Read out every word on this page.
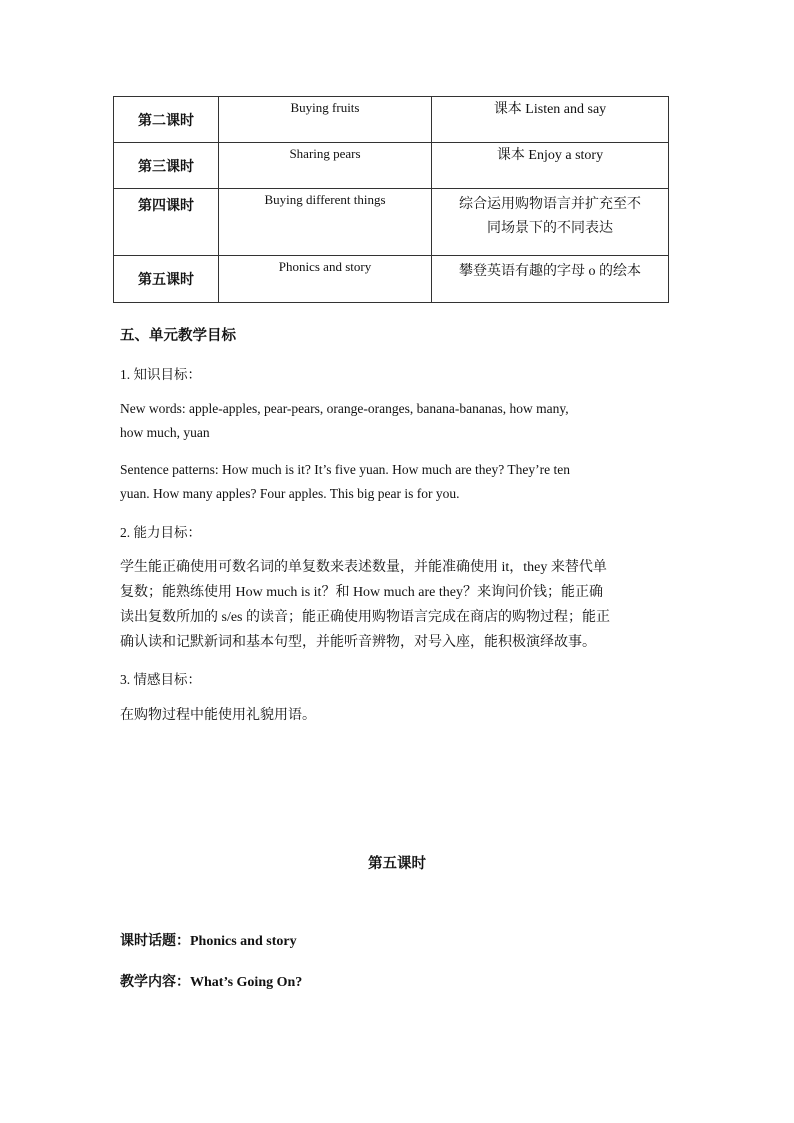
第二课时	Buying fruits	课本 Listen and say

第三课时	Sharing pears	课本 Enjoy a story

第四课时	Buying different things	综合运用购物语言并扩充至不
同场景下的不同表达

第五课时	Phonics and story	攀登英语有趣的字母 o 的绘本
五、单元教学目标
1. 知识目标：
New words: apple-apples, pear-pears, orange-oranges, banana-bananas, how many,
how much, yuan
Sentence patterns: How much is it? It’s five yuan. How much are they? They’re ten
yuan. How many apples? Four apples. This big pear is for you.
2. 能力目标：
学生能正确使用可数名词的单复数来表述数量，并能准确使用 it，they 来替代单
复数；能熟练使用 How much is it？和 How much are they？来询问价钱；能正确
读出复数所加的 s/es 的读音；能正确使用购物语言完成在商店的购物过程；能正
确认读和记默新词和基本句型，并能听音辨物，对号入座，能积极演绎故事。
3. 情感目标：
在购物过程中能使用礼貌用语。
第五课时
课时话题：Phonics and story
教学内容：What’s Going On?
